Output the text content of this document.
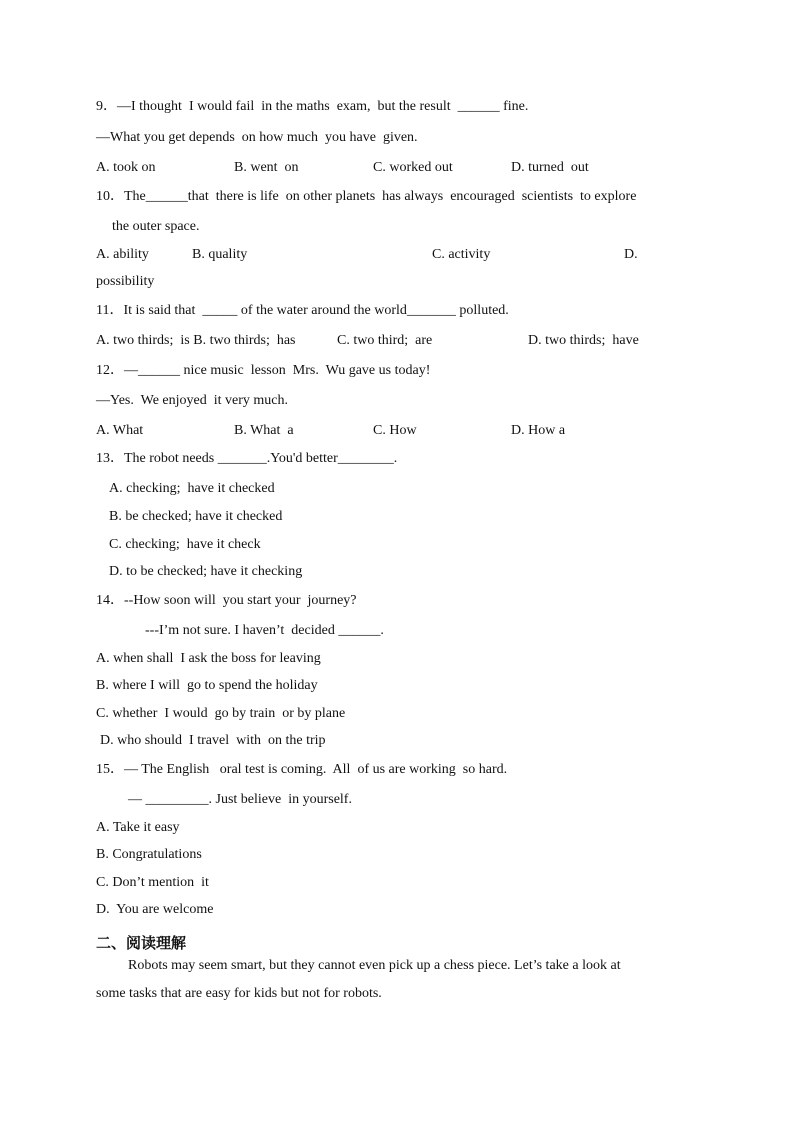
9．—I thought  I would fail  in the maths  exam,  but the result  ______ fine.
—What you get depends  on how much  you have  given.
A. took on	B. went  on	C. worked out	D. turned  out
10．The______that  there is life  on other planets  has always  encouraged  scientists  to explore
the outer space.
A. ability	B. quality	C. activity	D.
possibility
11．It is said that  _____ of the water around the world_______ polluted.
A. two thirds;  is B. two thirds;  has	C. two third;  are	D. two thirds;  have
12．—______ nice music  lesson  Mrs.  Wu gave us today!
—Yes.  We enjoyed  it very much.
A. What	B. What  a	C. How	D. How a
13．The robot needs _______.You'd better________.
A. checking;  have it checked
B. be checked; have it checked
C. checking;  have it check
D. to be checked; have it checking
14．--How soon will  you start your  journey?
---I’m not sure. I haven’t  decided ______.
A. when shall  I ask the boss for leaving
B. where I will  go to spend the holiday
C. whether  I would  go by train  or by plane
D. who should  I travel  with  on the trip
15．— The English   oral test is coming.  All  of us are working  so hard.
— _________. Just believe  in yourself.
A. Take it easy
B. Congratulations
C. Don’t mention  it
D.  You are welcome
二、阅读理解
Robots may seem smart, but they cannot even pick up a chess piece. Let’s take a look at
some tasks that are easy for kids but not for robots.
